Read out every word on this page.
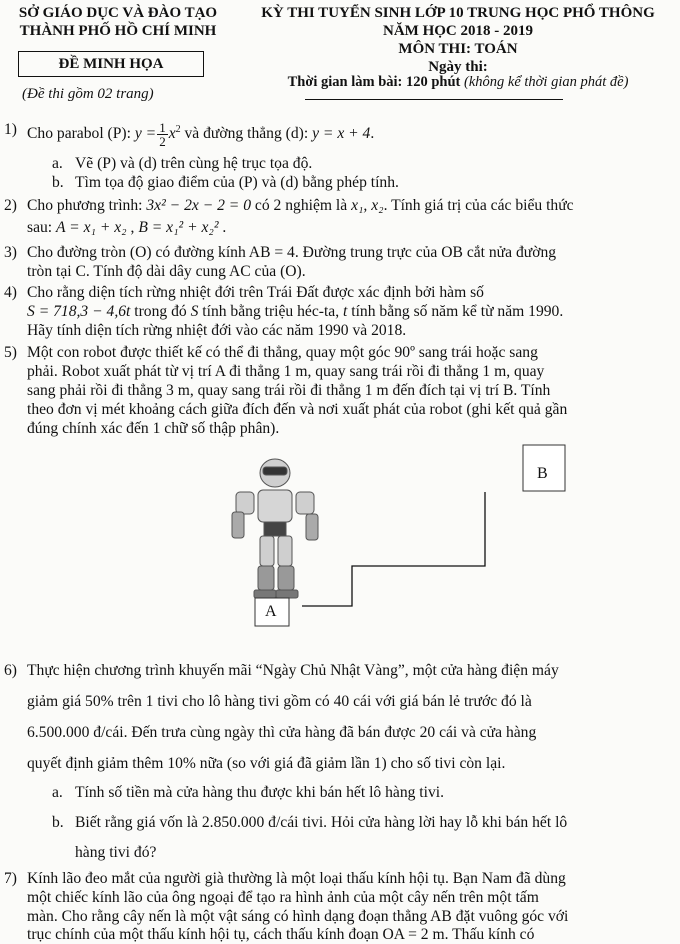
SỞ GIÁO DỤC VÀ ĐÀO TẠO
THÀNH PHỐ HỒ CHÍ MINH
ĐỀ MINH HỌA
(Đề thi gồm 02 trang)
KỲ THI TUYỂN SINH LỚP 10 TRUNG HỌC PHỔ THÔNG
NĂM HỌC 2018 - 2019
MÔN THI: TOÁN
Ngày thi:
Thời gian làm bài: 120 phút (không kể thời gian phát đề)
1) Cho parabol (P): $y = \frac{1}{2} x^2$ và đường thẳng (d): y = x + 4.
a. Vẽ (P) và (d) trên cùng hệ trục tọa độ.
b. Tìm tọa độ giao điểm của (P) và (d) bằng phép tính.
2) Cho phương trình: 3x² − 2x − 2 = 0 có 2 nghiệm là x₁, x₂. Tính giá trị của các biểu thức
sau: A = x₁ + x₂ , B = x₁² + x₂² .
3) Cho đường tròn (O) có đường kính AB = 4. Đường trung trực của OB cắt nửa đường
tròn tại C. Tính độ dài dây cung AC của (O).
4) Cho rằng diện tích rừng nhiệt đới trên Trái Đất được xác định bởi hàm số
S = 718,3 − 4,6t trong đó S tính bằng triệu héc-ta, t tính bằng số năm kể từ năm 1990.
Hãy tính diện tích rừng nhiệt đới vào các năm 1990 và 2018.
5) Một con robot được thiết kế có thể đi thẳng, quay một góc 90º sang trái hoặc sang
phải. Robot xuất phát từ vị trí A đi thẳng 1 m, quay sang trái rồi đi thẳng 1 m, quay
sang phải rồi đi thẳng 3 m, quay sang trái rồi đi thẳng 1 m đến đích tại vị trí B. Tính
theo đơn vị mét khoảng cách giữa đích đến và nơi xuất phát của robot (ghi kết quả gần
đúng chính xác đến 1 chữ số thập phân).
A
B
6) Thực hiện chương trình khuyến mãi “Ngày Chủ Nhật Vàng”, một cửa hàng điện máy
giảm giá 50% trên 1 tivi cho lô hàng tivi gồm có 40 cái với giá bán lẻ trước đó là
6.500.000 đ/cái. Đến trưa cùng ngày thì cửa hàng đã bán được 20 cái và cửa hàng
quyết định giảm thêm 10% nữa (so với giá đã giảm lần 1) cho số tivi còn lại.
a. Tính số tiền mà cửa hàng thu được khi bán hết lô hàng tivi.
b. Biết rằng giá vốn là 2.850.000 đ/cái tivi. Hỏi cửa hàng lời hay lỗ khi bán hết lô
hàng tivi đó?
7) Kính lão đeo mắt của người già thường là một loại thấu kính hội tụ. Bạn Nam đã dùng
một chiếc kính lão của ông ngoại để tạo ra hình ảnh của một cây nến trên một tấm
màn. Cho rằng cây nến là một vật sáng có hình dạng đoạn thẳng AB đặt vuông góc với
trục chính của một thấu kính hội tụ, cách thấu kính đoạn OA = 2 m. Thấu kính có
